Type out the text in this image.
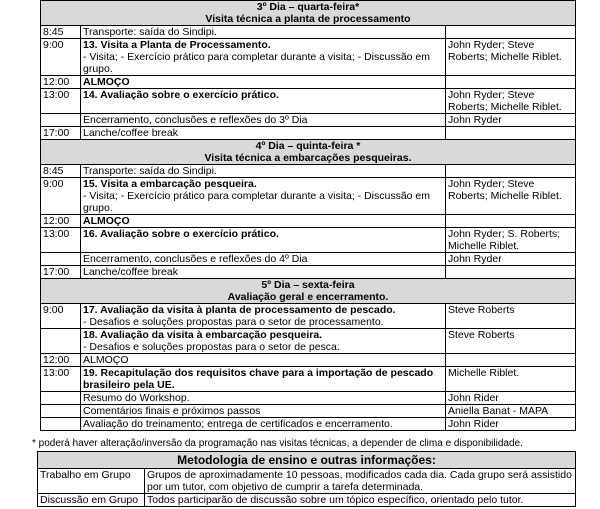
3º Dia – quarta-feira*
Visita técnica a planta de processamento		

8:45	Transporte: saída do Sindipi.	

9:00	13. Visita a Planta de Processamento.
- Visita; - Exercício prático para completar durante a visita; - Discussão em grupo.	John Ryder; Steve Roberts; Michelle Riblet.
12:00	ALMOÇO	

13:00	14. Avaliação sobre o exercício prático.	John Ryder; Steve Roberts; Michelle Riblet.

	Encerramento, conclusões e reflexões do 3º Dia	John Ryder
17:00	Lanche/coffee break	

4º Dia – quinta-feira *
Visita técnica a embarcações pesqueiras.		

8:45	Transporte: saída do Sindipi.	

9:00	15. Visita a embarcação pesqueira.
- Visita; - Exercício prático para completar durante a visita; - Discussão em grupo.	John Ryder; Steve Roberts; Michelle Riblet.
12:00	ALMOÇO	

13:00	16. Avaliação sobre o exercício prático.	John Ryder; S. Roberts; Michelle Riblet.

	Encerramento, conclusões e reflexões do 4º Dia	John Ryder
17:00	Lanche/coffee break	

5º Dia – sexta-feira
Avaliação geral e encerramento.		

9:00	17. Avaliação da visita à planta de processamento de pescado.
- Desafios e soluções propostas para o setor de processamento.	Steve Roberts

	18. Avaliação da visita à embarcação pesqueira.
- Desafios e soluções propostas para o setor de pesca.	Steve Roberts
12:00	ALMOÇO	

13:00	19. Recapitulação dos requisitos chave para a importação de pescado brasileiro pela UE.	Michelle Riblet.

	Resumo do Workshop.	John Rider

	Comentários finais e próximos passos	Aniella Banat - MAPA

	Avaliação do treinamento; entrega de certificados e encerramento.	John Rider
* poderá haver alteração/inversão da programação nas visitas técnicas, a depender de clima e disponibilidade.
Metodologia de ensino e outras informações:	
Trabalho em Grupo	Grupos de aproximadamente 10 pessoas, modificados cada dia. Cada grupo será assistido por um tutor, com objetivo de cumprir a tarefa determinada.
Discussão em Grupo	Todos participarão de discussão sobre um tópico específico, orientado pelo tutor.
